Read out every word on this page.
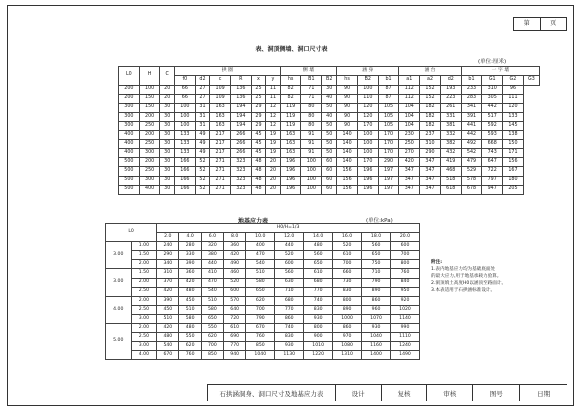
第	页
表、洞顶侧墙、洞口尺寸表
(单位:厘米)
L0	H	C	拱 圈						侧 墙			涵 身			涵 台			一 字 墙			
			f0	d2	c	R	x	y	hs	B1	B2	hs	B2	b1	a1	a2	d2	b1	G1	G2	G3
200	100	20	66	27	109	136	25	11	82	71	30	90	100	87	112	152	193	233	310	96	
200	150	20	66	27	109	136	25	11	82	71	40	90	110	87	112	152	223	283	305	111	
300	150	30	100	31	163	194	29	12	119	80	50	90	120	105	104	182	261	341	442	120	
300	200	30	100	31	163	194	29	12	119	80	40	90	120	105	104	182	331	391	517	133	
300	250	30	100	31	163	194	29	12	119	80	50	90	170	105	104	182	381	441	592	145	
400	200	30	133	49	217	266	45	19	163	91	50	140	100	170	230	237	332	442	593	138	
400	250	30	133	49	217	266	45	19	163	91	50	140	100	170	250	310	382	492	668	150	
400	300	30	133	49	217	266	45	19	163	91	50	140	100	170	270	290	432	542	743	171	
500	200	30	166	52	271	323	48	20	196	100	60	140	170	290	420	347	419	479	647	156	
500	250	30	166	52	271	323	48	20	196	100	60	156	196	197	347	347	468	529	722	167	
500	300	30	166	52	271	323	48	20	196	100	60	156	196	197	347	347	518	578	797	180	
500	400	30	166	52	271	323	48	20	196	100	60	156	196	197	347	347	618	678	947	205	
地基应力表	(单位:kPa)
L0		H0/H=1/3									
		2.0	4.0	6.0	8.0	10.0	12.0	14.0	16.0	18.0	20.0
3.00	1.00	240	280	320	360	400	440	480	520	560	600
	1.50	290	330	380	420	470	520	560	610	650	700
	2.00	340	390	440	490	540	600	650	700	750	800
3.00	1.50	310	360	410	460	510	560	610	660	710	760
	2.00	370	420	470	520	580	630	680	730	790	840
	2.50	420	480	540	600	650	710	770	830	890	950
4.00	2.00	390	450	510	570	620	680	740	800	860	920
	2.50	450	510	580	640	700	770	830	890	960	1020
	3.00	510	580	650	720	790	860	930	1000	1070	1140
5.00	2.00	420	480	550	610	670	740	800	860	930	990
	2.50	480	550	620	690	760	830	900	970	1040	1110
	3.00	540	620	700	770	850	930	1010	1080	1160	1240
	4.00	670	760	850	940	1040	1130	1220	1310	1400	1490
附注:
1.表内地基应力均为基础底面处
的最大应力,用于地基承载力验算。
2.洞顶填土高度H0以涵顶至路面计。
3.本表适用于石拱涵标准设计。
石拱涵洞身、洞口尺寸及地基应力表	设计	复核	审核	图号	日期
